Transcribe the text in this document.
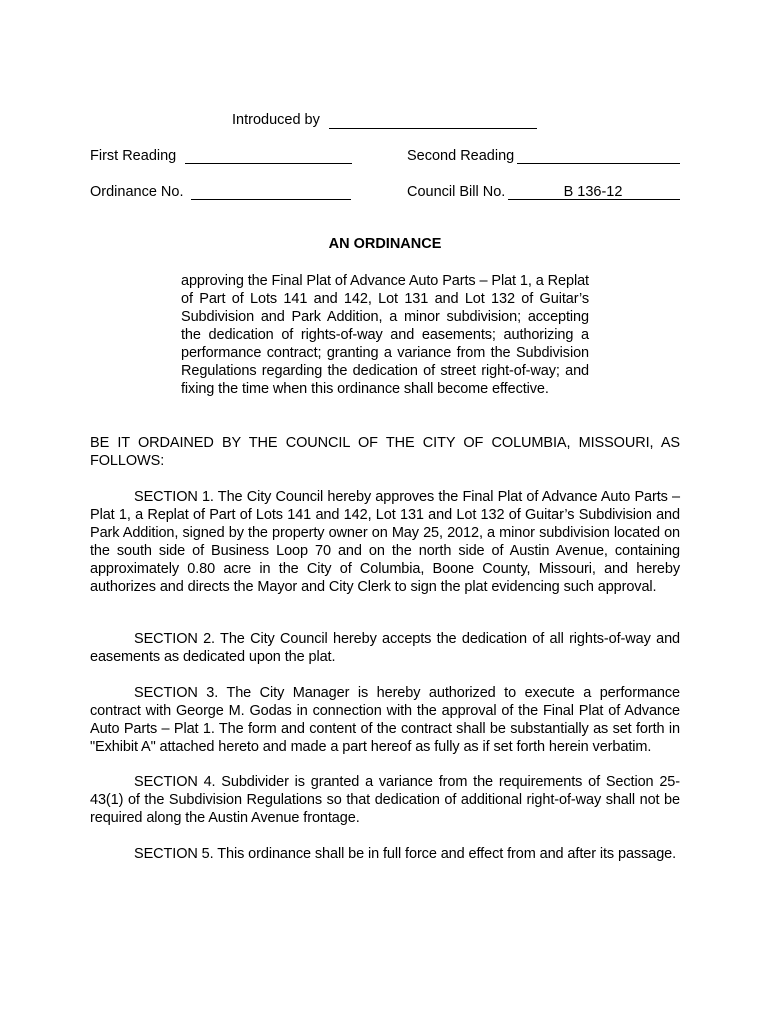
Introduced by
First Reading	Second Reading
Ordinance No.	Council Bill No.	B 136-12
AN ORDINANCE
approving the Final Plat of Advance Auto Parts – Plat 1, a Replat of Part of Lots 141 and 142, Lot 131 and Lot 132 of Guitar’s Subdivision and Park Addition, a minor subdivision; accepting the dedication of rights-of-way and easements; authorizing a performance contract; granting a variance from the Subdivision Regulations regarding the dedication of street right-of-way; and fixing the time when this ordinance shall become effective.
BE IT ORDAINED BY THE COUNCIL OF THE CITY OF COLUMBIA, MISSOURI, AS FOLLOWS:
SECTION 1. The City Council hereby approves the Final Plat of Advance Auto Parts – Plat 1, a Replat of Part of Lots 141 and 142, Lot 131 and Lot 132 of Guitar’s Subdivision and Park Addition, signed by the property owner on May 25, 2012, a minor subdivision located on the south side of Business Loop 70 and on the north side of Austin Avenue, containing approximately 0.80 acre in the City of Columbia, Boone County, Missouri, and hereby authorizes and directs the Mayor and City Clerk to sign the plat evidencing such approval.
SECTION 2. The City Council hereby accepts the dedication of all rights-of-way and easements as dedicated upon the plat.
SECTION 3. The City Manager is hereby authorized to execute a performance contract with George M. Godas in connection with the approval of the Final Plat of Advance Auto Parts – Plat 1. The form and content of the contract shall be substantially as set forth in "Exhibit A" attached hereto and made a part hereof as fully as if set forth herein verbatim.
SECTION 4. Subdivider is granted a variance from the requirements of Section 25-43(1) of the Subdivision Regulations so that dedication of additional right-of-way shall not be required along the Austin Avenue frontage.
SECTION 5. This ordinance shall be in full force and effect from and after its passage.
